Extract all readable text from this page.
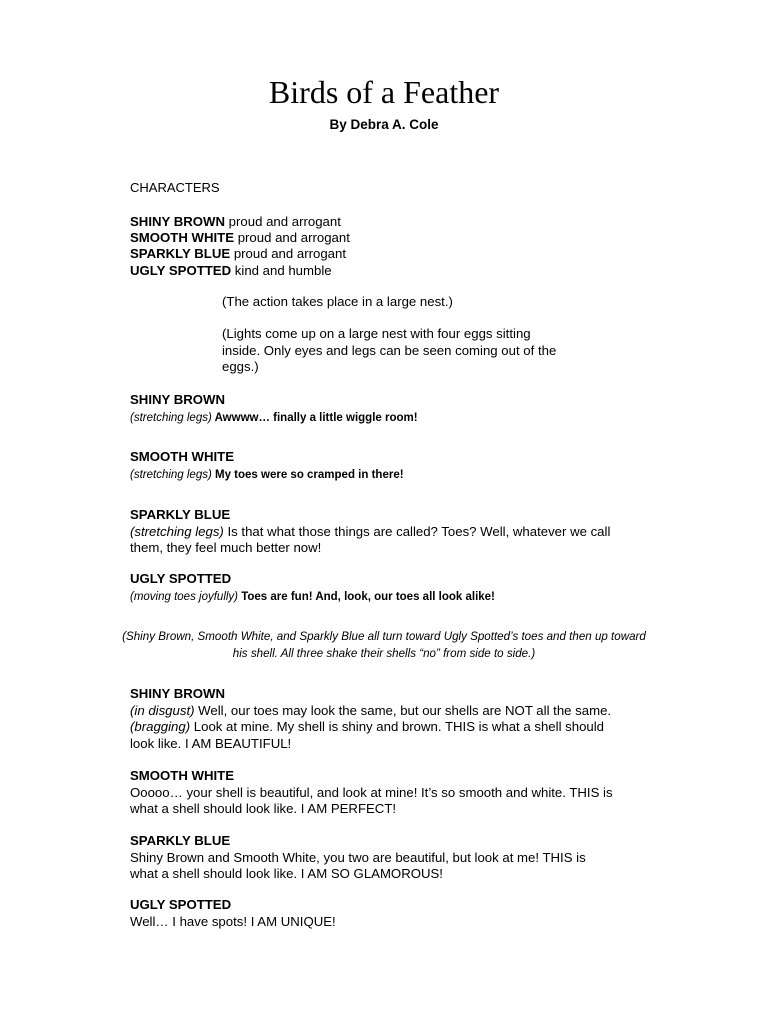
Birds of a Feather
By Debra A. Cole
CHARACTERS
SHINY BROWN proud and arrogant
SMOOTH WHITE proud and arrogant
SPARKLY BLUE proud and arrogant
UGLY SPOTTED kind and humble
(The action takes place in a large nest.)
(Lights come up on a large nest with four eggs sitting inside. Only eyes and legs can be seen coming out of the eggs.)
SHINY BROWN
(stretching legs) Awwww… finally a little wiggle room!
SMOOTH WHITE
(stretching legs) My toes were so cramped in there!
SPARKLY BLUE
(stretching legs) Is that what those things are called? Toes? Well, whatever we call them, they feel much better now!
UGLY SPOTTED
(moving toes joyfully) Toes are fun! And, look, our toes all look alike!
(Shiny Brown, Smooth White, and Sparkly Blue all turn toward Ugly Spotted’s toes and then up toward his shell. All three shake their shells “no” from side to side.)
SHINY BROWN
(in disgust) Well, our toes may look the same, but our shells are NOT all the same. (bragging) Look at mine. My shell is shiny and brown. THIS is what a shell should look like. I AM BEAUTIFUL!
SMOOTH WHITE
Ooooo… your shell is beautiful, and look at mine! It’s so smooth and white. THIS is what a shell should look like. I AM PERFECT!
SPARKLY BLUE
Shiny Brown and Smooth White, you two are beautiful, but look at me! THIS is what a shell should look like. I AM SO GLAMOROUS!
UGLY SPOTTED
Well… I have spots! I AM UNIQUE!
